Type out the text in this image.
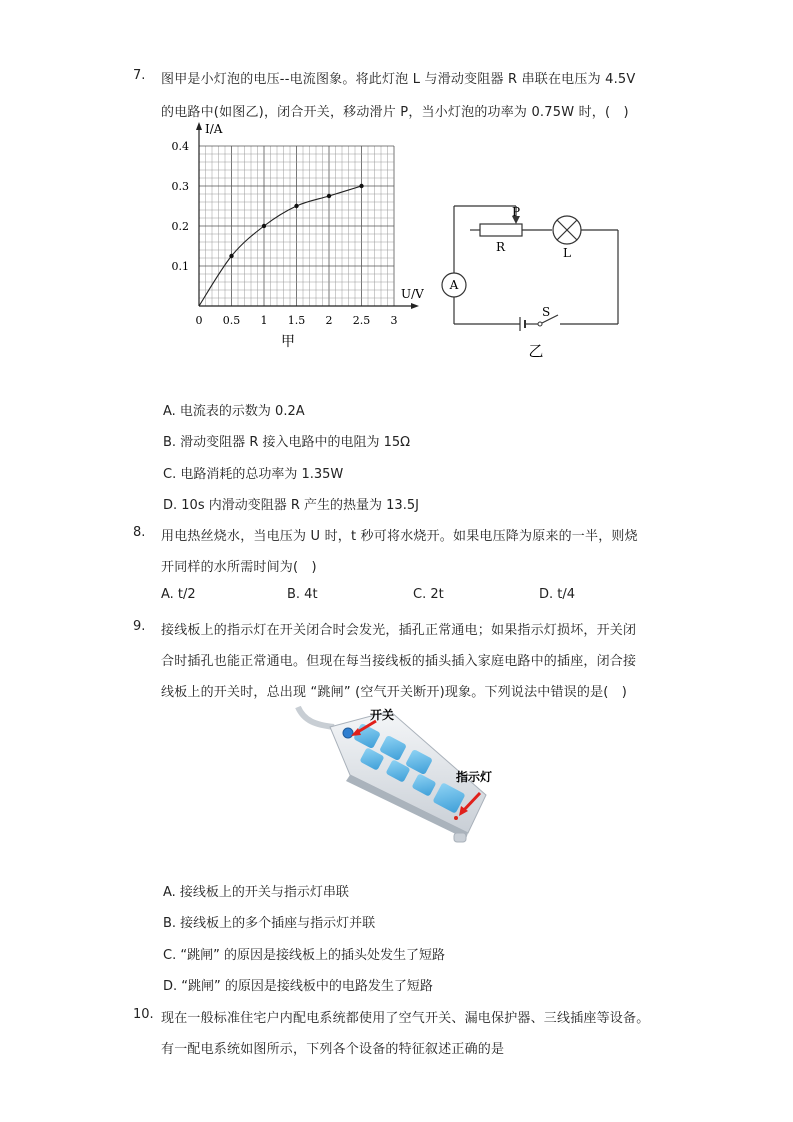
7. 图甲是小灯泡的电压--电流图象。将此灯泡 L 与滑动变阻器 R 串联在电压为 4.5V
的电路中(如图乙)，闭合开关，移动滑片 P，当小灯泡的功率为 0.75W 时，(　)
I/A
U/V
0.4
0.3
0.2
0.1
0 0.5 1 1.5 2 2.5 3
甲
P
R	L
A
S
乙
A. 电流表的示数为 0.2A
B. 滑动变阻器 R 接入电路中的电阻为 15Ω
C. 电路消耗的总功率为 1.35W
D. 10s 内滑动变阻器 R 产生的热量为 13.5J
8. 用电热丝烧水，当电压为 U 时，t 秒可将水烧开。如果电压降为原来的一半，则烧
开同样的水所需时间为(　)
A. t/2	B. 4t	C. 2t	D. t/4
9. 接线板上的指示灯在开关闭合时会发光，插孔正常通电；如果指示灯损坏，开关闭
合时插孔也能正常通电。但现在每当接线板的插头插入家庭电路中的插座，闭合接
线板上的开关时，总出现 “跳闸” (空气开关断开)现象。下列说法中错误的是(　)
开关
指示灯
A. 接线板上的开关与指示灯串联
B. 接线板上的多个插座与指示灯并联
C. “跳闸” 的原因是接线板上的插头处发生了短路
D. “跳闸” 的原因是接线板中的电路发生了短路
10. 现在一般标准住宅户内配电系统都使用了空气开关、漏电保护器、三线插座等设备。
有一配电系统如图所示，下列各个设备的特征叙述正确的是
